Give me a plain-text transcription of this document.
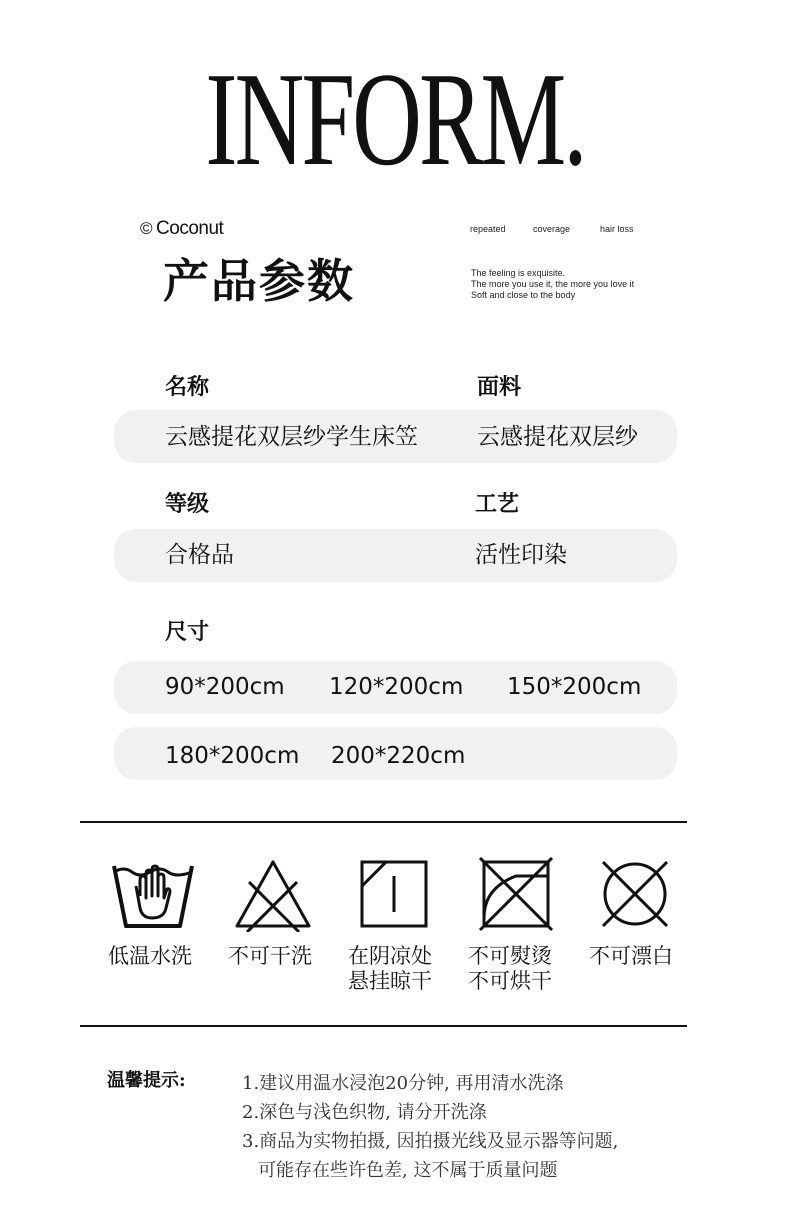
INFORM.
© Coconut	repeated	coverage	hair loss
产品参数	The feeling is exquisite.
The more you use it, the more you love it
Soft and close to the body
名称	面料
云感提花双层纱学生床笠	云感提花双层纱
等级	工艺
合格品	活性印染
尺寸
90*200cm 120*200cm 150*200cm
180*200cm 200*220cm
低温水洗 不可干洗 在阴凉处
悬挂晾干
不可熨烫
不可烘干
不可漂白
温馨提示:	1.建议用温水浸泡20分钟, 再用清水洗涤
2.深色与浅色织物, 请分开洗涤
3.商品为实物拍摄, 因拍摄光线及显示器等问题,
可能存在些许色差, 这不属于质量问题
